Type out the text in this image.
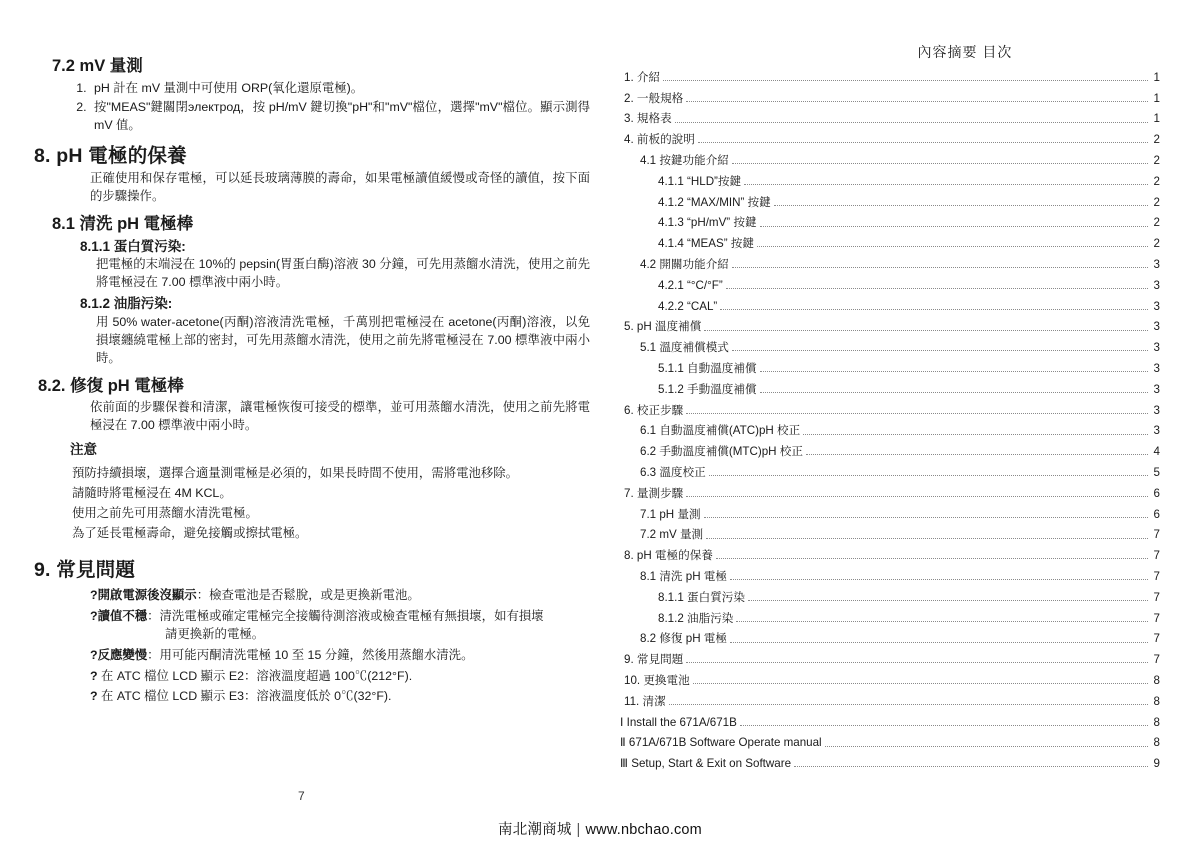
7.2 mV 量測
1. pH 計在 mV 量測中可使用 ORP(氧化還原電極)。
2. 按"MEAS"鍵關閉электрод，按 pH/mV 鍵切換"pH"和"mV"檔位，選擇"mV"檔位。顯示測得 mV 值。
8. pH 電極的保養

正確使用和保存電極，可以延長玻璃薄膜的壽命，如果電極讀值緩慢或奇怪的讀值，按下面的步驟操作。

8.1 清洗 pH 電極棒
8.1.1 蛋白質污染:

把電極的末端浸在 10%的 pepsin(胃蛋白酶)溶液 30 分鐘，可先用蒸餾水清洗，使用之前先將電極浸在 7.00 標準液中兩小時。

8.1.2 油脂污染:

用 50% water-acetone(丙酮)溶液清洗電極，千萬別把電極浸在 acetone(丙酮)溶液，以免損壞纏繞電極上部的密封，可先用蒸餾水清洗，使用之前先將電極浸在 7.00 標準液中兩小時。

8.2. 修復 pH 電極棒

依前面的步驟保養和清潔，讓電極恢復可接受的標準，並可用蒸餾水清洗，使用之前先將電極浸在 7.00 標準液中兩小時。

注意
預防持續損壞，選擇合適量測電極是必須的，如果長時間不使用，需將電池移除。
請隨時將電極浸在 4M KCL。
使用之前先可用蒸餾水清洗電極。
為了延長電極壽命，避免接觸或擦拭電極。
9. 常見問題
?開啟電源後沒顯示：檢查電池是否鬆脫，或是更換新電池。
?讀值不穩：清洗電極或確定電極完全接觸待測溶液或檢查電極有無損壞，如有損壞
請更換新的電極。
?反應變慢：用可能丙酮清洗電極 10 至 15 分鐘，然後用蒸餾水清洗。
? 在 ATC 檔位 LCD 顯示 E2：溶液溫度超過 100℃(212°F).
? 在 ATC 檔位 LCD 顯示 E3：溶液溫度低於 0℃(32°F).
內容摘要 目次
1. 介紹	1
2. 一般規格	1
3. 規格表	1
4. 前板的說明	2
4.1 按鍵功能介紹	2
4.1.1 “HLD”按鍵	2
4.1.2 “MAX/MIN” 按鍵	2
4.1.3 “pH/mV” 按鍵	2
4.1.4 “MEAS” 按鍵	2
4.2 開關功能介紹	3
4.2.1 “°C/°F”	3
4.2.2 “CAL”	3
5. pH 溫度補償	3
5.1 溫度補償模式	3
5.1.1 自動溫度補償	3
5.1.2 手動溫度補償	3
6. 校正步驟	3
6.1 自動溫度補償(ATC)pH 校正	3
6.2 手動溫度補償(MTC)pH 校正	4
6.3 溫度校正	5
7. 量測步驟	6
7.1 pH 量測	6
7.2 mV 量測	7
8. pH 電極的保養	7
8.1 清洗 pH 電極	7
8.1.1 蛋白質污染	7
8.1.2 油脂污染	7
8.2 修復 pH 電極	7
9. 常見問題	7
10. 更換電池	8
11. 清潔	8
Ⅰ Install the 671A/671B	8
Ⅱ 671A/671B Software Operate manual	8
Ⅲ Setup, Start & Exit on Software	9
7
南北潮商城 | www.nbchao.com
